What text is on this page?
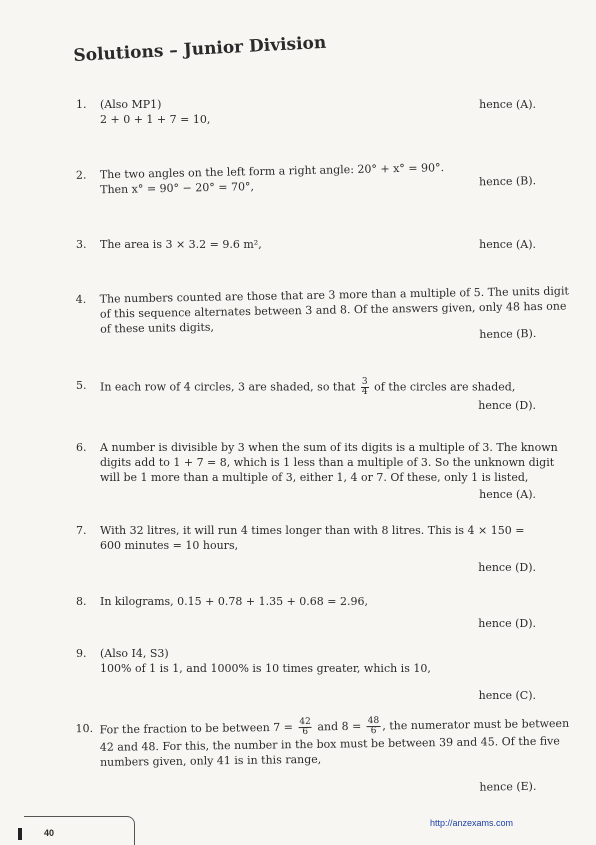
Solutions – Junior Division
1.	(Also MP1)
2 + 0 + 1 + 7 = 10,
hence (A).
2.	The two angles on the left form a right angle: 20° + x° = 90°.
Then x° = 90° − 20° = 70°,	hence (B).
3.	The area is 3 × 3.2 = 9.6 m²,	hence (A).
4.	The numbers counted are those that are 3 more than a multiple of 5. The units digit
of this sequence alternates between 3 and 8. Of the answers given, only 48 has one
of these units digits,	hence (B).
5.	In each row of 4 circles, 3 are shaded, so that $\frac{3}{4}$ of the circles are shaded,
hence (D).
6.	A number is divisible by 3 when the sum of its digits is a multiple of 3. The known
digits add to 1 + 7 = 8, which is 1 less than a multiple of 3. So the unknown digit
will be 1 more than a multiple of 3, either 1, 4 or 7. Of these, only 1 is listed,
hence (A).
7.	With 32 litres, it will run 4 times longer than with 8 litres. This is 4 × 150 =
600 minutes = 10 hours,
hence (D).
8.	In kilograms, 0.15 + 0.78 + 1.35 + 0.68 = 2.96,
hence (D).
9.	(Also I4, S3)
100% of 1 is 1, and 1000% is 10 times greater, which is 10,
hence (C).
10. For the fraction to be between $7 = \frac{42}{6}$ and $8 = \frac{48}{6}$ , the numerator must be between
42 and 48. For this, the number in the box must be between 39 and 45. Of the five
numbers given, only 41 is in this range,
hence (E).
40
http://anzexams.com
